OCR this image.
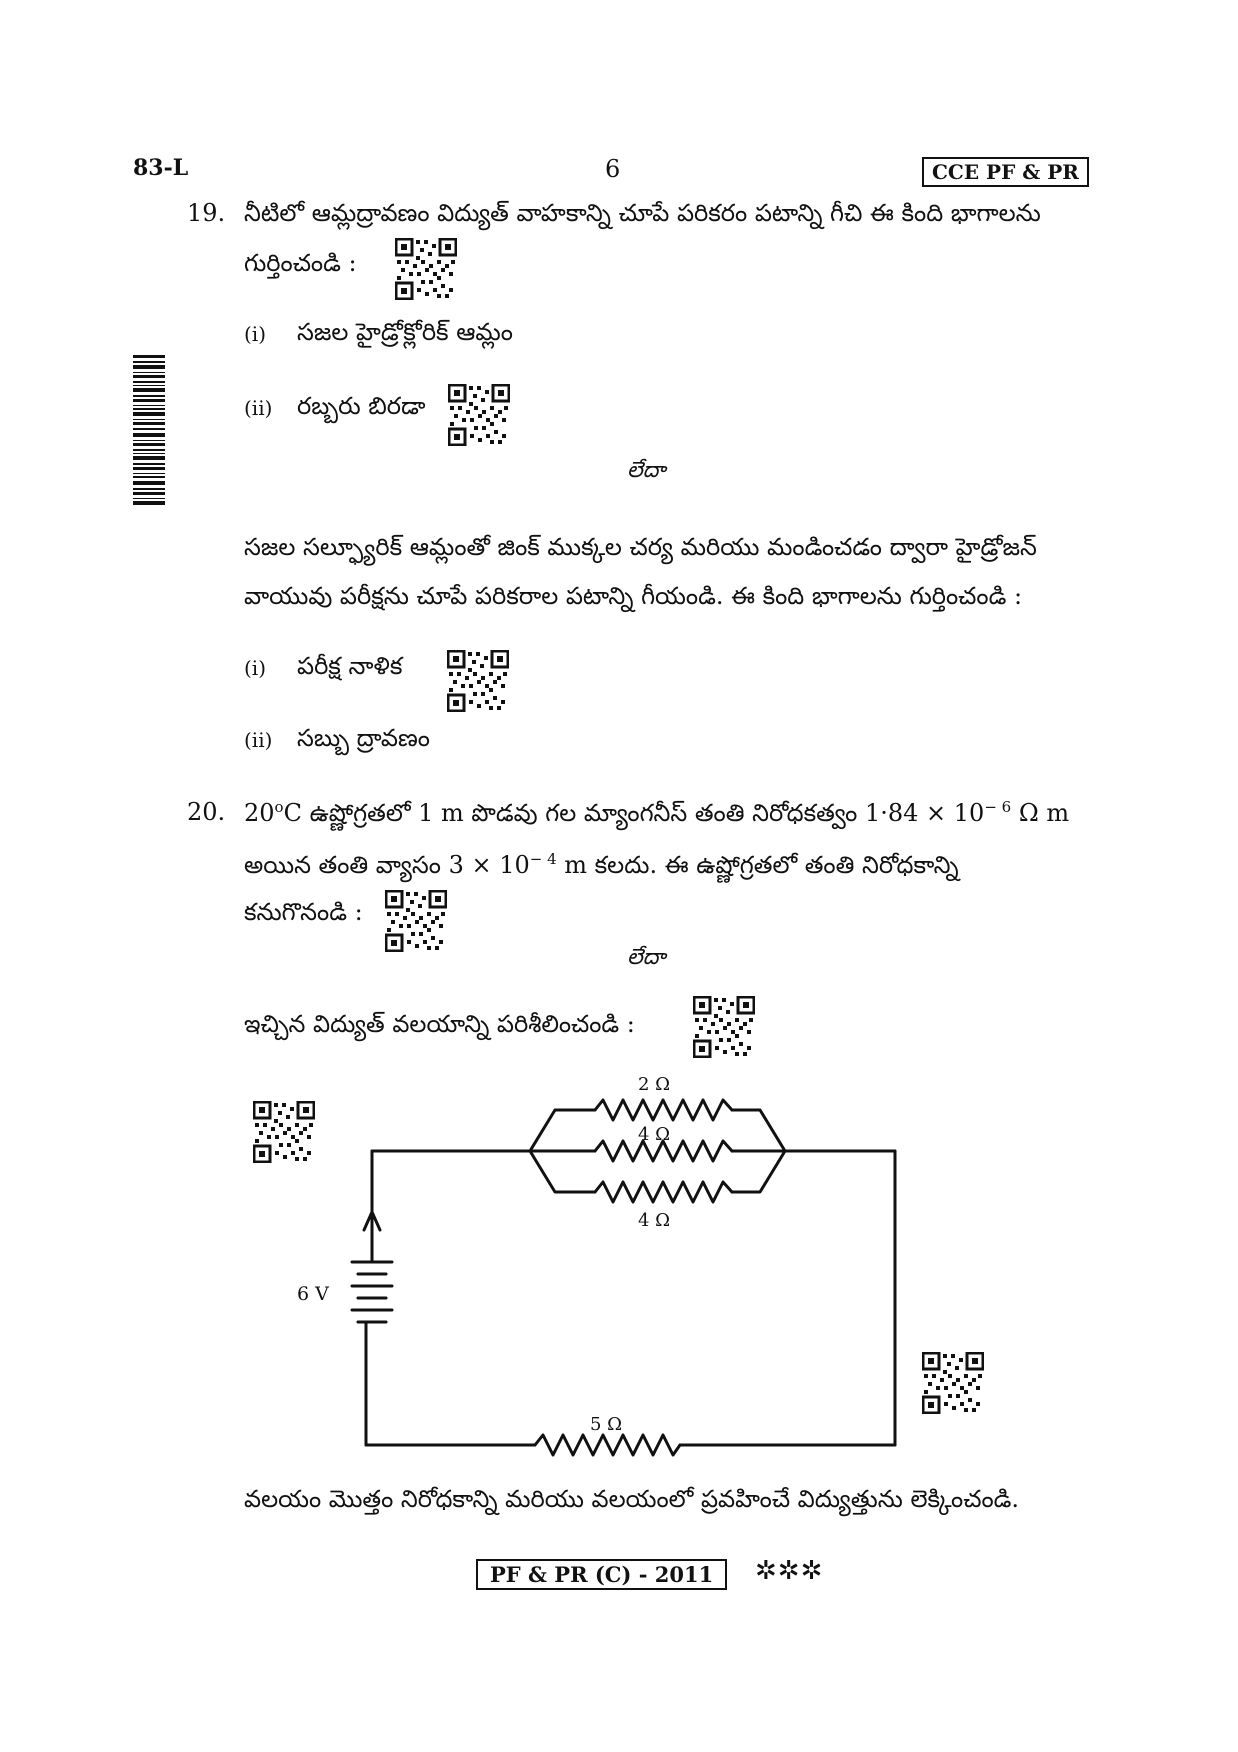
83-L	6	CCE PF & PR
19. నీటిలో ఆమ్లద్రావణం విద్యుత్ వాహకాన్ని చూపే పరికరం పటాన్ని గీచి ఈ కింది భాగాలను
గుర్తించండి :
(i) సజల హైడ్రోక్లోరిక్ ఆమ్లం
(ii) రబ్బరు బిరడా
లేదా
సజల సల్ఫ్యూరిక్ ఆమ్లంతో జింక్ ముక్కల చర్య మరియు మండించడం ద్వారా హైడ్రోజన్
వాయువు పరీక్షను చూపే పరికరాల పటాన్ని గీయండి. ఈ కింది భాగాలను గుర్తించండి :
(i) పరీక్ష నాళిక
(ii) సబ్బు ద్రావణం
20. 20$^o$C ఉష్ణోగ్రతలో 1 m పొడవు గల మ్యాంగనీస్ తంతి నిరోధకత్వం $1\cdot 84 \times 10^{- 6}$ Ω m
అయిన తంతి వ్యాసం $3 \times 10^{- 4}$ m కలదు. ఈ ఉష్ణోగ్రతలో తంతి నిరోధకాన్ని
కనుగొనండి :
లేదా
ఇచ్చిన విద్యుత్ వలయాన్ని పరిశీలించండి :
2 Ω
4 Ω
4 Ω
5 Ω
6 V
వలయం మొత్తం నిరోధకాన్ని మరియు వలయంలో ప్రవహించే విద్యుత్తును లెక్కించండి.
PF & PR (C) - 2011	✲✲✲
